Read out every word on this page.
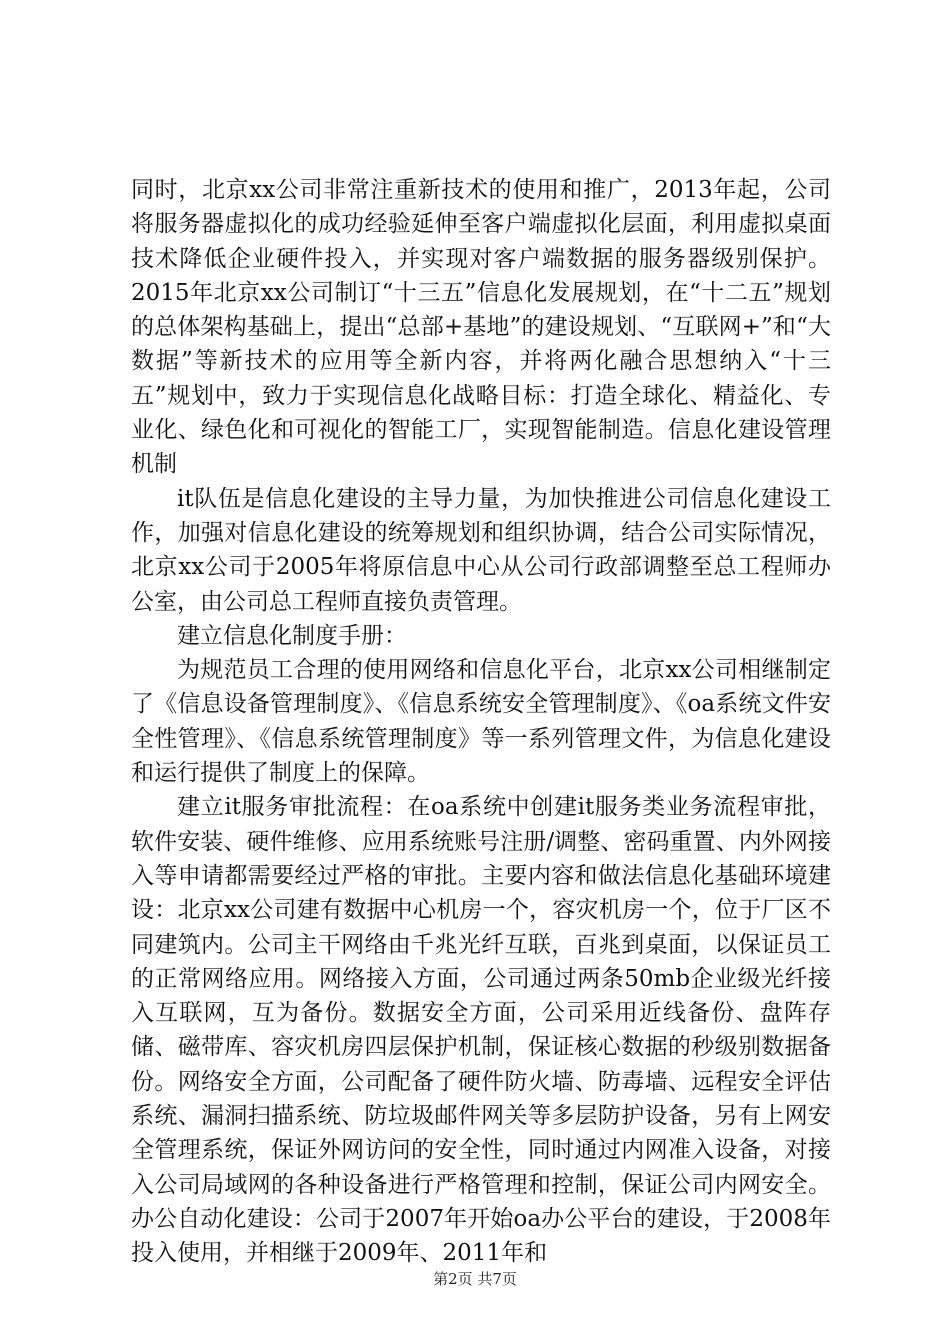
同时，北京xx公司非常注重新技术的使用和推广，2013年起，公司将服务器虚拟化的成功经验延伸至客户端虚拟化层面，利用虚拟桌面技术降低企业硬件投入，并实现对客户端数据的服务器级别保护。2015年北京xx公司制订“十三五”信息化发展规划，在“十二五”规划的总体架构基础上，提出“总部+基地”的建设规划、“互联网+”和“大数据”等新技术的应用等全新内容，并将两化融合思想纳入“十三五”规划中，致力于实现信息化战略目标：打造全球化、精益化、专业化、绿色化和可视化的智能工厂，实现智能制造。信息化建设管理机制

it队伍是信息化建设的主导力量，为加快推进公司信息化建设工作，加强对信息化建设的统筹规划和组织协调，结合公司实际情况，北京xx公司于2005年将原信息中心从公司行政部调整至总工程师办公室，由公司总工程师直接负责管理。

建立信息化制度手册：

为规范员工合理的使用网络和信息化平台，北京xx公司相继制定了《信息设备管理制度》、《信息系统安全管理制度》、《oa系统文件安全性管理》、《信息系统管理制度》等一系列管理文件，为信息化建设和运行提供了制度上的保障。

建立it服务审批流程：在oa系统中创建it服务类业务流程审批，软件安装、硬件维修、应用系统账号注册/调整、密码重置、内外网接入等申请都需要经过严格的审批。主要内容和做法信息化基础环境建设：北京xx公司建有数据中心机房一个，容灾机房一个，位于厂区不同建筑内。公司主干网络由千兆光纤互联，百兆到桌面，以保证员工的正常网络应用。网络接入方面，公司通过两条50mb企业级光纤接入互联网，互为备份。数据安全方面，公司采用近线备份、盘阵存储、磁带库、容灾机房四层保护机制，保证核心数据的秒级别数据备份。网络安全方面，公司配备了硬件防火墙、防毒墙、远程安全评估系统、漏洞扫描系统、防垃圾邮件网关等多层防护设备，另有上网安全管理系统，保证外网访问的安全性，同时通过内网准入设备，对接入公司局域网的各种设备进行严格管理和控制，保证公司内网安全。办公自动化建设：公司于2007年开始oa办公平台的建设，于2008年投入使用，并相继于2009年、2011年和

第2页 共7页
